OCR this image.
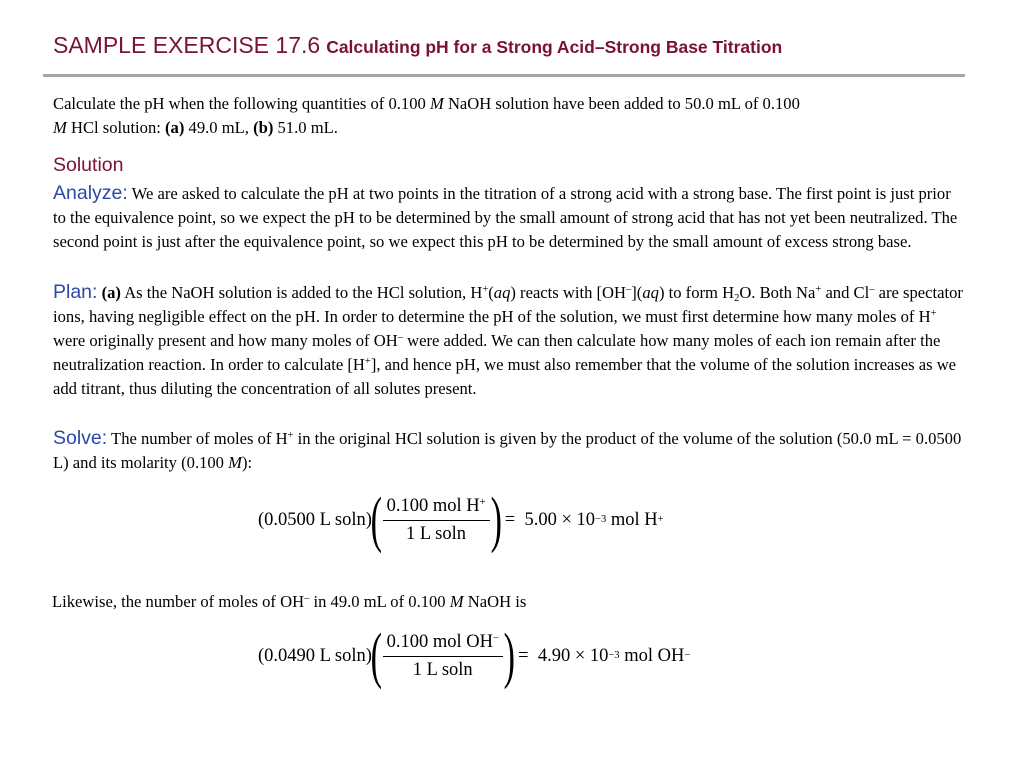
SAMPLE EXERCISE 17.6 Calculating pH for a Strong Acid–Strong Base Titration
Calculate the pH when the following quantities of 0.100 M NaOH solution have been added to 50.0 mL of 0.100
M HCl solution: (a) 49.0 mL, (b) 51.0 mL.
Solution
Analyze: We are asked to calculate the pH at two points in the titration of a strong acid with a strong base. The first point is just prior to the equivalence point, so we expect the pH to be determined by the small amount of strong acid that has not yet been neutralized. The second point is just after the equivalence point, so we expect this pH to be determined by the small amount of excess strong base.
Plan: (a) As the NaOH solution is added to the HCl solution, H+(aq) reacts with [OH–](aq) to form $H_2O$. Both Na+ and Cl– are spectator ions, having negligible effect on the pH. In order to determine the pH of the solution, we must first determine how many moles of H+ were originally present and how many moles of OH– were added. We can then calculate how many moles of each ion remain after the neutralization reaction. In order to calculate [H+], and hence pH, we must also remember that the volume of the solution increases as we add titrant, thus diluting the concentration of all solutes present.
Solve: The number of moles of H+ in the original HCl solution is given by the product of the volume of the solution (50.0 mL = 0.0500 L) and its molarity (0.100 M):
(0.0500 L soln)
( $\frac{0.100 mol H^+}{\text{1 L soln}}$ )
=  5.00 × 10 −3 mol H +
Likewise, the number of moles of OH– in 49.0 mL of 0.100 M NaOH is
(0.0490 L soln)
( $\frac{0.100 mol OH^-}{\text{1 L soln}}$ )
=  4.90 × 10 −3 mol OH −
